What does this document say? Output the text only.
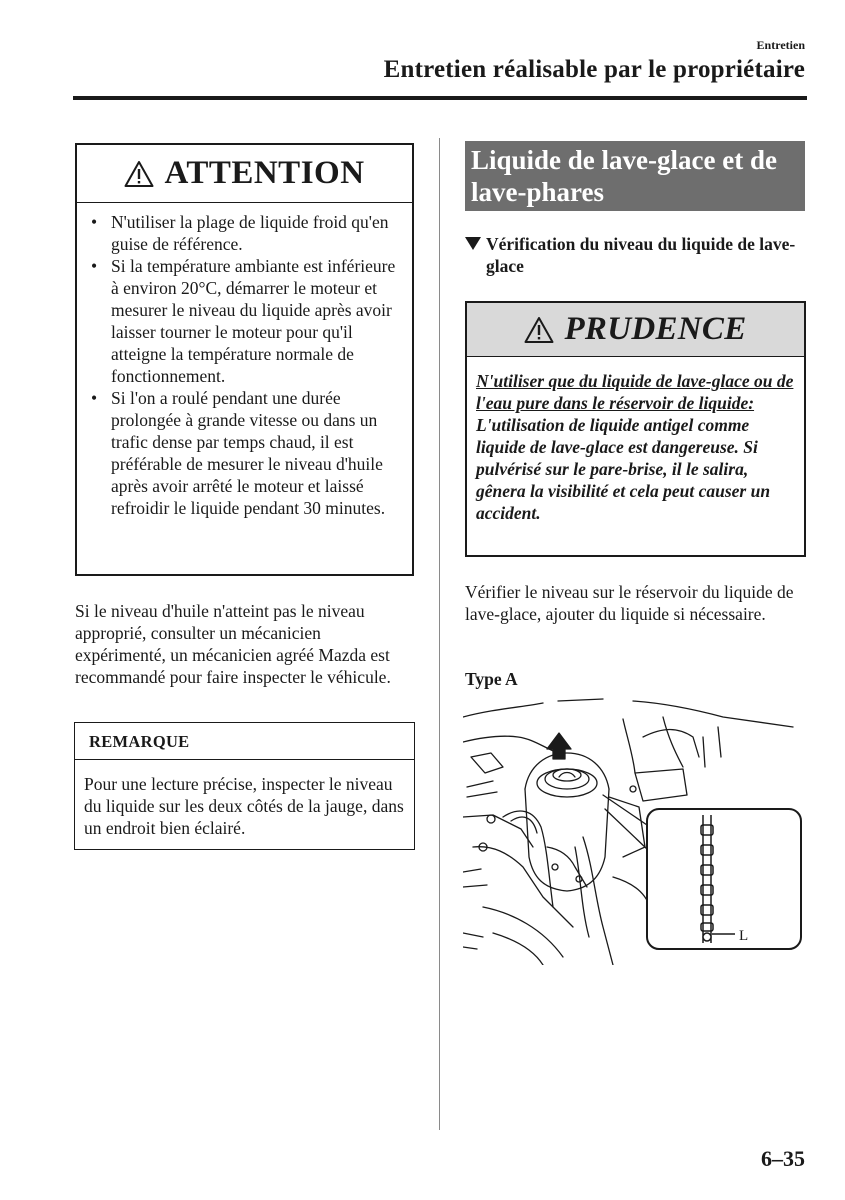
Entretien
Entretien réalisable par le propriétaire
ATTENTION
• N'utiliser la plage de liquide froid qu'en guise de référence.
• Si la température ambiante est inférieure à environ 20°C, démarrer le moteur et mesurer le niveau du liquide après avoir laisser tourner le moteur pour qu'il atteigne la température normale de fonctionnement.
• Si l'on a roulé pendant une durée prolongée à grande vitesse ou dans un trafic dense par temps chaud, il est préférable de mesurer le niveau d'huile après avoir arrêté le moteur et laissé refroidir le liquide pendant 30 minutes.
Si le niveau d'huile n'atteint pas le niveau approprié, consulter un mécanicien expérimenté, un mécanicien agréé Mazda est recommandé pour faire inspecter le véhicule.
REMARQUE
Pour une lecture précise, inspecter le niveau du liquide sur les deux côtés de la jauge, dans un endroit bien éclairé.
Liquide de lave-glace et de lave-phares
Vérification du niveau du liquide de lave-glace
PRUDENCE
N'utiliser que du liquide de lave-glace ou de l'eau pure dans le réservoir de liquide:
L'utilisation de liquide antigel comme liquide de lave-glace est dangereuse. Si pulvérisé sur le pare-brise, il le salira, gênera la visibilité et cela peut causer un accident.
Vérifier le niveau sur le réservoir du liquide de lave-glace, ajouter du liquide si nécessaire.
Type A
L
6–35
